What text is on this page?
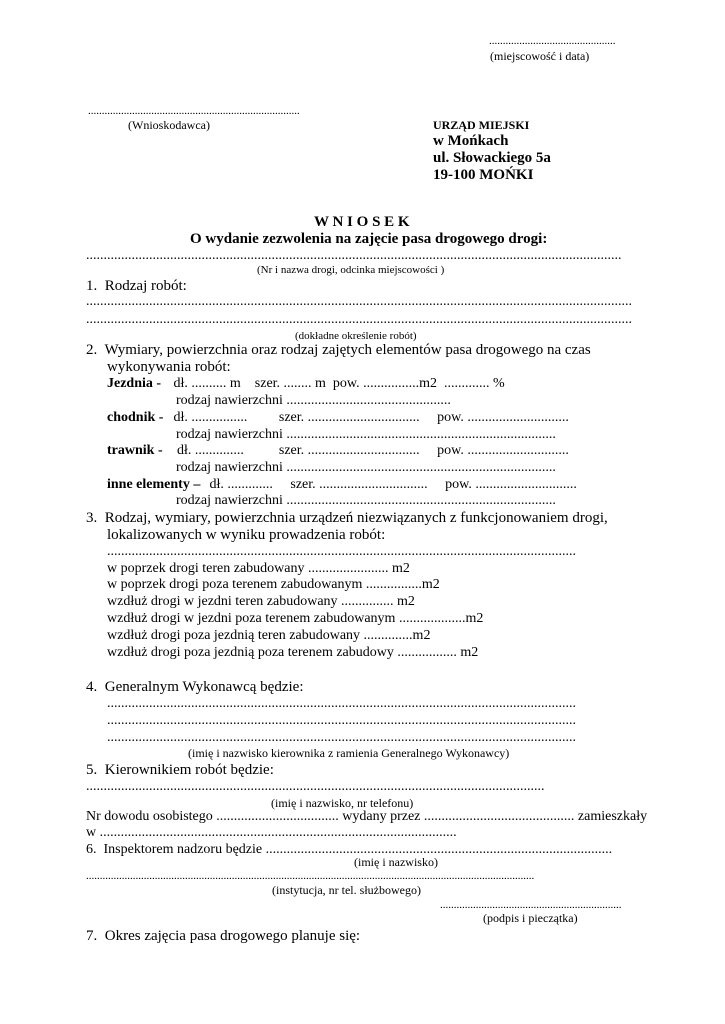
..............................................
(miejscowość i data)
.............................................................................
(Wnioskodawca)	URZĄD MIEJSKI
w Mońkach
ul. Słowackiego 5a
19-100 MOŃKI
W N I O S E K
O wydanie zezwolenia na zajęcie pasa drogowego drogi:
.........................................................................................................................................................
(Nr i nazwa drogi, odcinka miejscowości )
1.  Rodzaj robót:
............................................................................................................................................................
............................................................................................................................................................
(dokładne określenie robót)
2.  Wymiary, powierzchnia oraz rodzaj zajętych elementów pasa drogowego na czas
wykonywania robót:
Jezdnia - dł. .......... m    szer. ........ m  pow. ................m2  ............. %
rodzaj nawierzchni ...............................................
chodnik - dł. ................         szer. ................................     pow. .............................
rodzaj nawierzchni .............................................................................
trawnik - dł. ..............          szer. ................................     pow. .............................
rodzaj nawierzchni .............................................................................
inne elementy – dł. .............     szer. ...............................     pow. .............................
rodzaj nawierzchni .............................................................................
3.  Rodzaj, wymiary, powierzchnia urządzeń niezwiązanych z funkcjonowaniem drogi,
lokalizowanych w wyniku prowadzenia robót:
......................................................................................................................................
w poprzek drogi teren zabudowany ....................... m2
w poprzek drogi poza terenem zabudowanym ................m2
wzdłuż drogi w jezdni teren zabudowany ............... m2
wzdłuż drogi w jezdni poza terenem zabudowanym ...................m2
wzdłuż drogi poza jezdnią teren zabudowany ..............m2
wzdłuż drogi poza jezdnią poza terenem zabudowy ................. m2
4.  Generalnym Wykonawcą będzie:
......................................................................................................................................
......................................................................................................................................
......................................................................................................................................
(imię i nazwisko kierownika z ramienia Generalnego Wykonawcy)
5.  Kierownikiem robót będzie:
...................................................................................................................................
(imię i nazwisko, nr telefonu)
Nr dowodu osobistego ................................... wydany przez ........................................... zamieszkały
w ......................................................................................................
6.  Inspektorem nadzoru będzie ...................................................................................................
(imię i nazwisko)
...................................................................................................................................................................
(instytucja, nr tel. służbowego)
..................................................................
(podpis i pieczątka)
7.  Okres zajęcia pasa drogowego planuje się:
